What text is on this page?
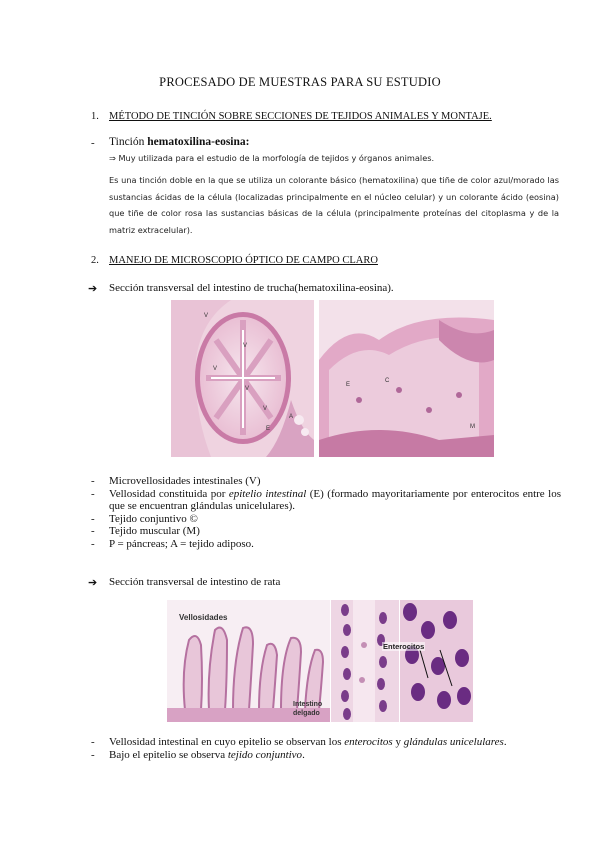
PROCESADO DE MUESTRAS PARA SU ESTUDIO
1. MÉTODO DE TINCIÓN SOBRE SECCIONES DE TEJIDOS ANIMALES Y MONTAJE.
- Tinción hematoxilina-eosina:
⇒ Muy utilizada para el estudio de la morfología de tejidos y órganos animales.
Es una tinción doble en la que se utiliza un colorante básico (hematoxilina) que tiñe de color azul/morado las sustancias ácidas de la célula (localizadas principalmente en el núcleo celular) y un colorante ácido (eosina) que tiñe de color rosa las sustancias básicas de la célula (principalmente proteínas del citoplasma y de la matriz extracelular).
2. MANEJO DE MICROSCOPIO ÓPTICO DE CAMPO CLARO
➔ Sección transversal del intestino de trucha(hematoxilina-eosina).
V
V
V
V
V
A
E
E
C
M
-	Microvellosidades intestinales (V)
-	Vellosidad constituida por epitelio intestinal (E) (formado mayoritariamente por enterocitos entre los que se encuentran glándulas unicelulares).
-	Tejido conjuntivo ©
-	Tejido muscular (M)
-	P = páncreas; A = tejido adiposo.
➔ Sección transversal de intestino de rata
Vellosidades
Intestino
delgado
Enterocitos
-	Vellosidad intestinal en cuyo epitelio se observan los enterocitos y glándulas unicelulares.
-	Bajo el epitelio se observa tejido conjuntivo.
